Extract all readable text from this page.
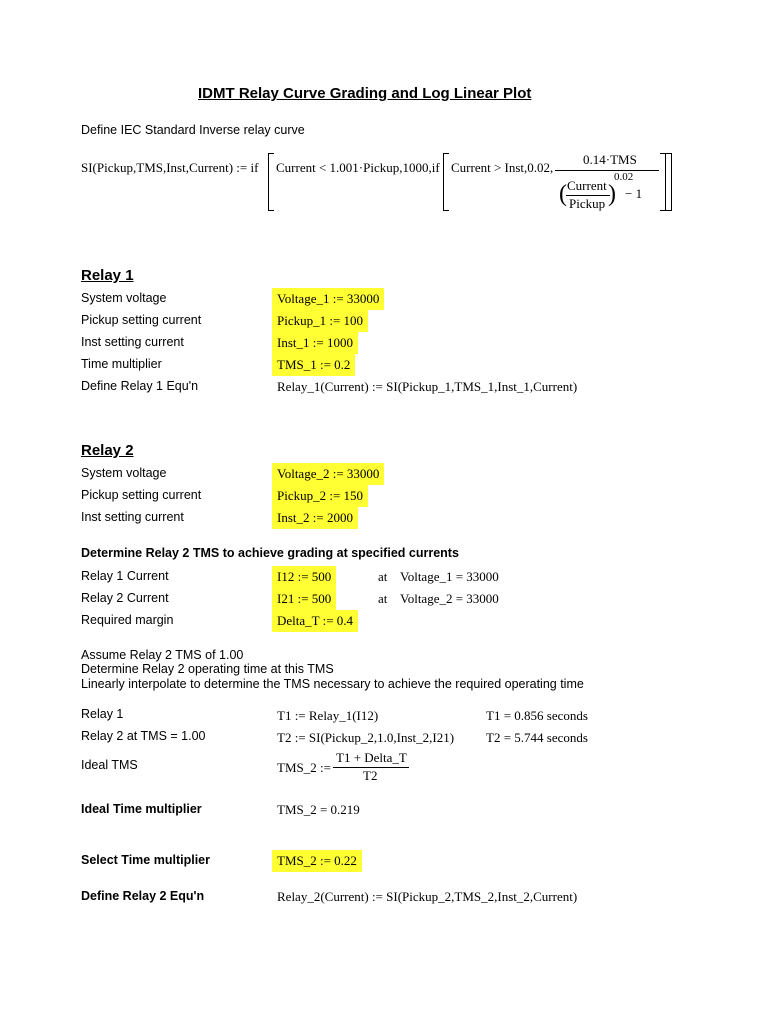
IDMT Relay Curve Grading and Log Linear Plot
Define IEC Standard Inverse relay curve
SI(Pickup,TMS,Inst,Current) := if Current < 1.001·Pickup,1000,if Current > Inst,0.02,
0.14·TMS
0.02
( Current
Pickup ) − 1
Relay 1
System voltage	Voltage_1 := 33000
Pickup setting current	Pickup_1 := 100
Inst setting current	Inst_1 := 1000
Time multiplier	TMS_1 := 0.2
Define Relay 1 Equ'n	Relay_1(Current) := SI(Pickup_1,TMS_1,Inst_1,Current)
Relay 2
System voltage	Voltage_2 := 33000
Pickup setting current	Pickup_2 := 150
Inst setting current	Inst_2 := 2000
Determine Relay 2 TMS to achieve grading at specified currents
Relay 1 Current	I12 := 500	at Voltage_1 = 33000
Relay 2 Current	I21 := 500	at Voltage_2 = 33000
Required margin	Delta_T := 0.4
Assume Relay 2 TMS of 1.00
Determine Relay 2 operating time at this TMS
Linearly interpolate to determine the TMS necessary to achieve the required operating time
Relay 1	T1 := Relay_1(I12)	T1 = 0.856 seconds
Relay 2 at TMS = 1.00	T2 := SI(Pickup_2,1.0,Inst_2,I21) T2 = 5.744 seconds
Ideal TMS	TMS_2 :=
T1 + Delta_T
T2
Ideal Time multiplier	TMS_2 = 0.219
Select Time multiplier	TMS_2 := 0.22
Define Relay 2 Equ'n	Relay_2(Current) := SI(Pickup_2,TMS_2,Inst_2,Current)
